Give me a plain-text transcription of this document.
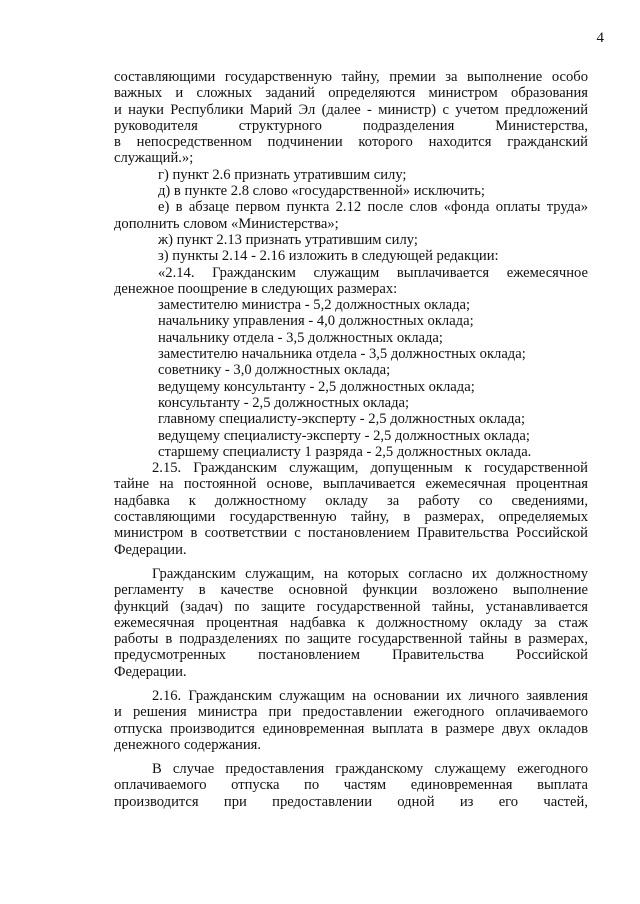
4

составляющими государственную тайну, премии за выполнение особо

важных и сложных заданий определяются министром образования

и науки Республики Марий Эл (далее - министр) с учетом предложений

руководителя структурного подразделения Министерства,

в непосредственном подчинении которого находится гражданский

служащий.»;

г) пункт 2.6 признать утратившим силу;

д) в пункте 2.8 слово «государственной» исключить;

е) в абзаце первом пункта 2.12 после слов «фонда оплаты труда»

дополнить словом «Министерства»;

ж) пункт 2.13 признать утратившим силу;

з) пункты 2.14 - 2.16 изложить в следующей редакции:

«2.14. Гражданским служащим выплачивается ежемесячное

денежное поощрение в следующих размерах:

заместителю министра - 5,2 должностных оклада;

начальнику управления - 4,0 должностных оклада;

начальнику отдела - 3,5 должностных оклада;

заместителю начальника отдела - 3,5 должностных оклада;

советнику - 3,0 должностных оклада;

ведущему консультанту - 2,5 должностных оклада;

консультанту - 2,5 должностных оклада;

главному специалисту-эксперту - 2,5 должностных оклада;

ведущему специалисту-эксперту - 2,5 должностных оклада;

старшему специалисту 1 разряда - 2,5 должностных оклада.

2.15. Гражданским служащим, допущенным к государственной

тайне на постоянной основе, выплачивается ежемесячная процентная

надбавка к должностному окладу за работу со сведениями,

составляющими государственную тайну, в размерах, определяемых

министром в соответствии с постановлением Правительства Российской

Федерации.

Гражданским служащим, на которых согласно их должностному

регламенту в качестве основной функции возложено выполнение

функций (задач) по защите государственной тайны, устанавливается

ежемесячная процентная надбавка к должностному окладу за стаж

работы в подразделениях по защите государственной тайны в размерах,

предусмотренных постановлением Правительства Российской

Федерации.

2.16. Гражданским служащим на основании их личного заявления

и решения министра при предоставлении ежегодного оплачиваемого

отпуска производится единовременная выплата в размере двух окладов

денежного содержания.

В случае предоставления гражданскому служащему ежегодного

оплачиваемого отпуска по частям единовременная выплата

производится при предоставлении одной из его частей,
